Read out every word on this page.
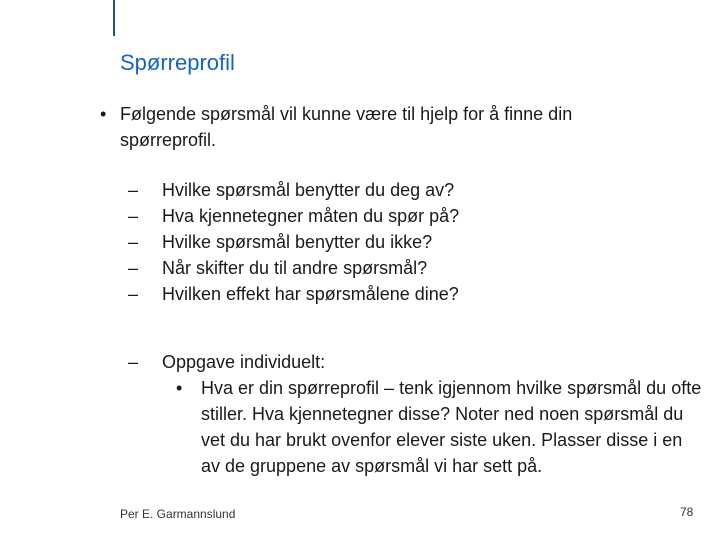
Spørreprofil
• Følgende spørsmål vil kunne være til hjelp for å finne din spørreprofil.
– Hvilke spørsmål benytter du deg av?
– Hva kjennetegner måten du spør på?
– Hvilke spørsmål benytter du ikke?
– Når skifter du til andre spørsmål?
– Hvilken effekt har spørsmålene dine?
– Oppgave individuelt:
•	Hva er din spørreprofil – tenk igjennom hvilke spørsmål du ofte stiller. Hva kjennetegner disse? Noter ned noen spørsmål du vet du har brukt ovenfor elever siste uken. Plasser disse i en av de gruppene av spørsmål vi har sett på.
Per E. Garmannslund	78
